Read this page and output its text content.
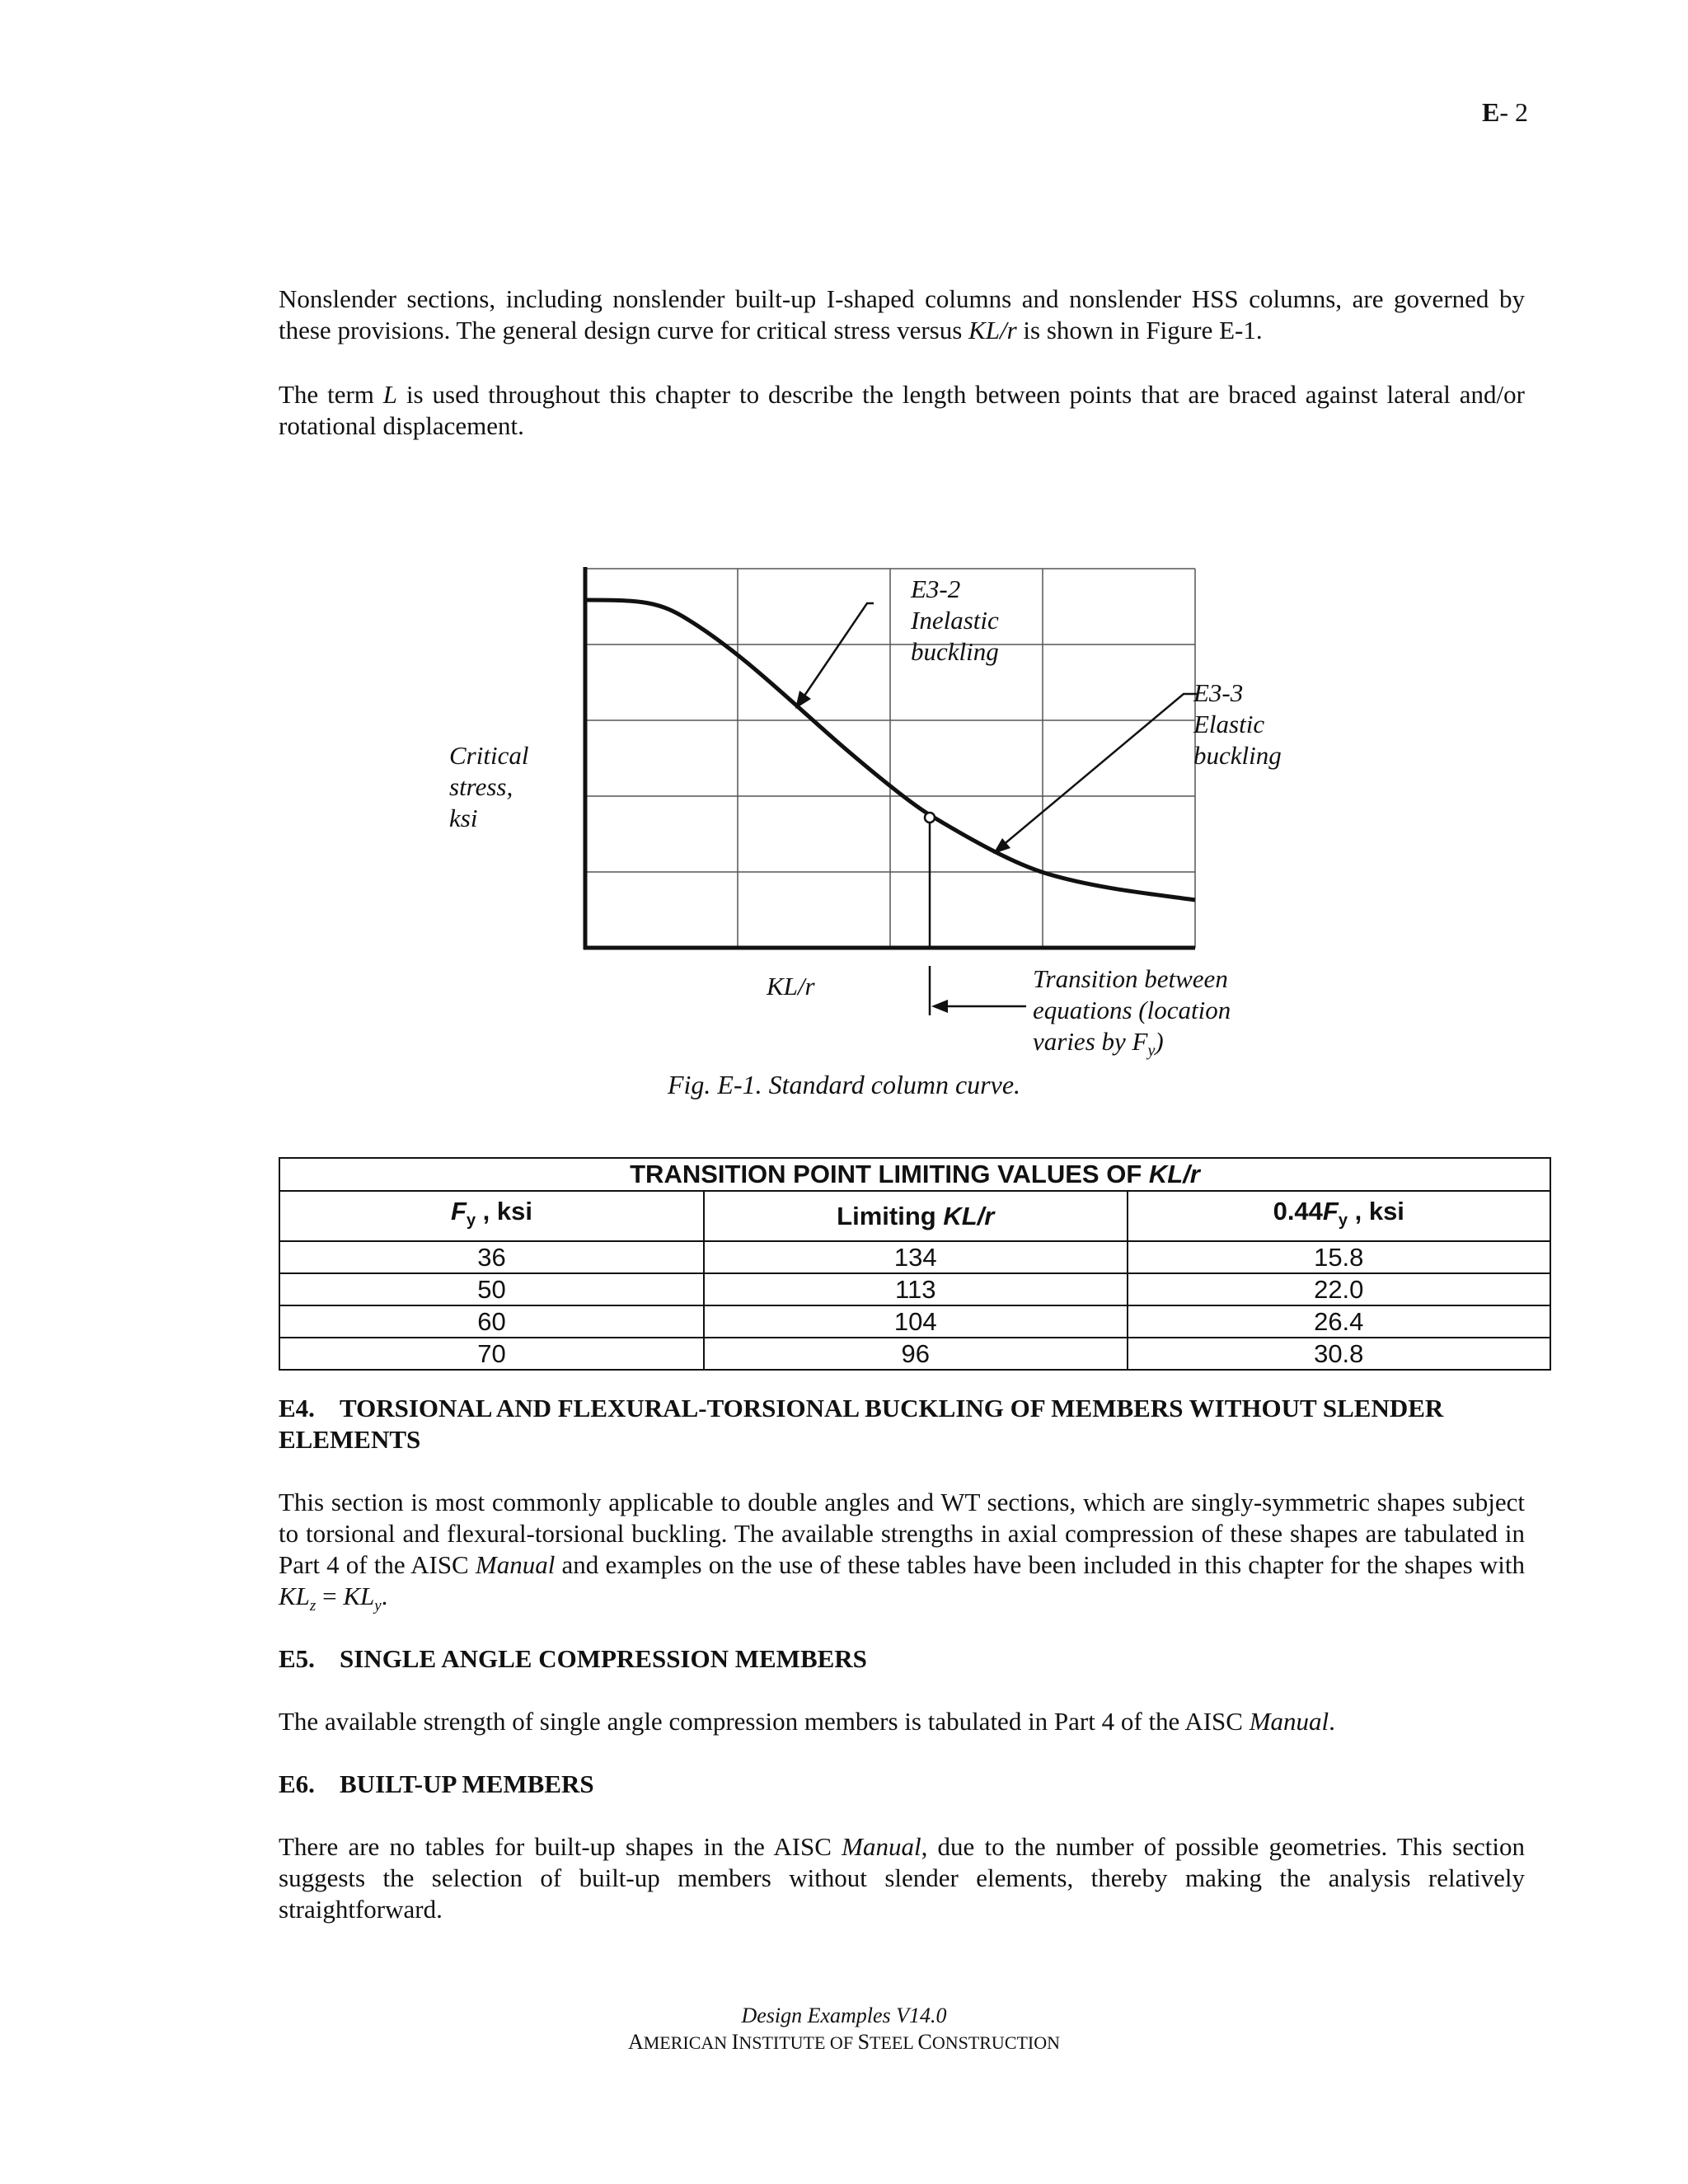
E- 2

Nonslender sections, including nonslender built-up I-shaped columns and nonslender HSS columns, are governed by these provisions. The general design curve for critical stress versus KL/r is shown in Figure E-1.

The term L is used throughout this chapter to describe the length between points that are braced against lateral and/or rotational displacement.

Critical
stress,
ksi
E3-2
Inelastic
buckling
E3-3
Elastic
buckling
KL/r	Transition between
equations (location
varies by $F_y$)
Fig. E-1. Standard column curve.
TRANSITION POINT LIMITING VALUES OF KL/r		
$F_y$ , ksi	Limiting KL/r	$0.44F_y$ , ksi
36	134	15.8
50	113	22.0
60	104	26.4
70	96	30.8
E4. TORSIONAL AND FLEXURAL-TORSIONAL BUCKLING OF MEMBERS WITHOUT SLENDER
ELEMENTS

This section is most commonly applicable to double angles and WT sections, which are singly-symmetric shapes subject to torsional and flexural-torsional buckling. The available strengths in axial compression of these shapes are tabulated in Part 4 of the AISC Manual and examples on the use of these tables have been included in this chapter for the shapes with $KL_z = KL_y$.

E5. SINGLE ANGLE COMPRESSION MEMBERS

The available strength of single angle compression members is tabulated in Part 4 of the AISC Manual.

E6. BUILT-UP MEMBERS

There are no tables for built-up shapes in the AISC Manual, due to the number of possible geometries. This section suggests the selection of built-up members without slender elements, thereby making the analysis relatively straightforward.

Design Examples V14.0
AMERICAN INSTITUTE OF STEEL CONSTRUCTION
